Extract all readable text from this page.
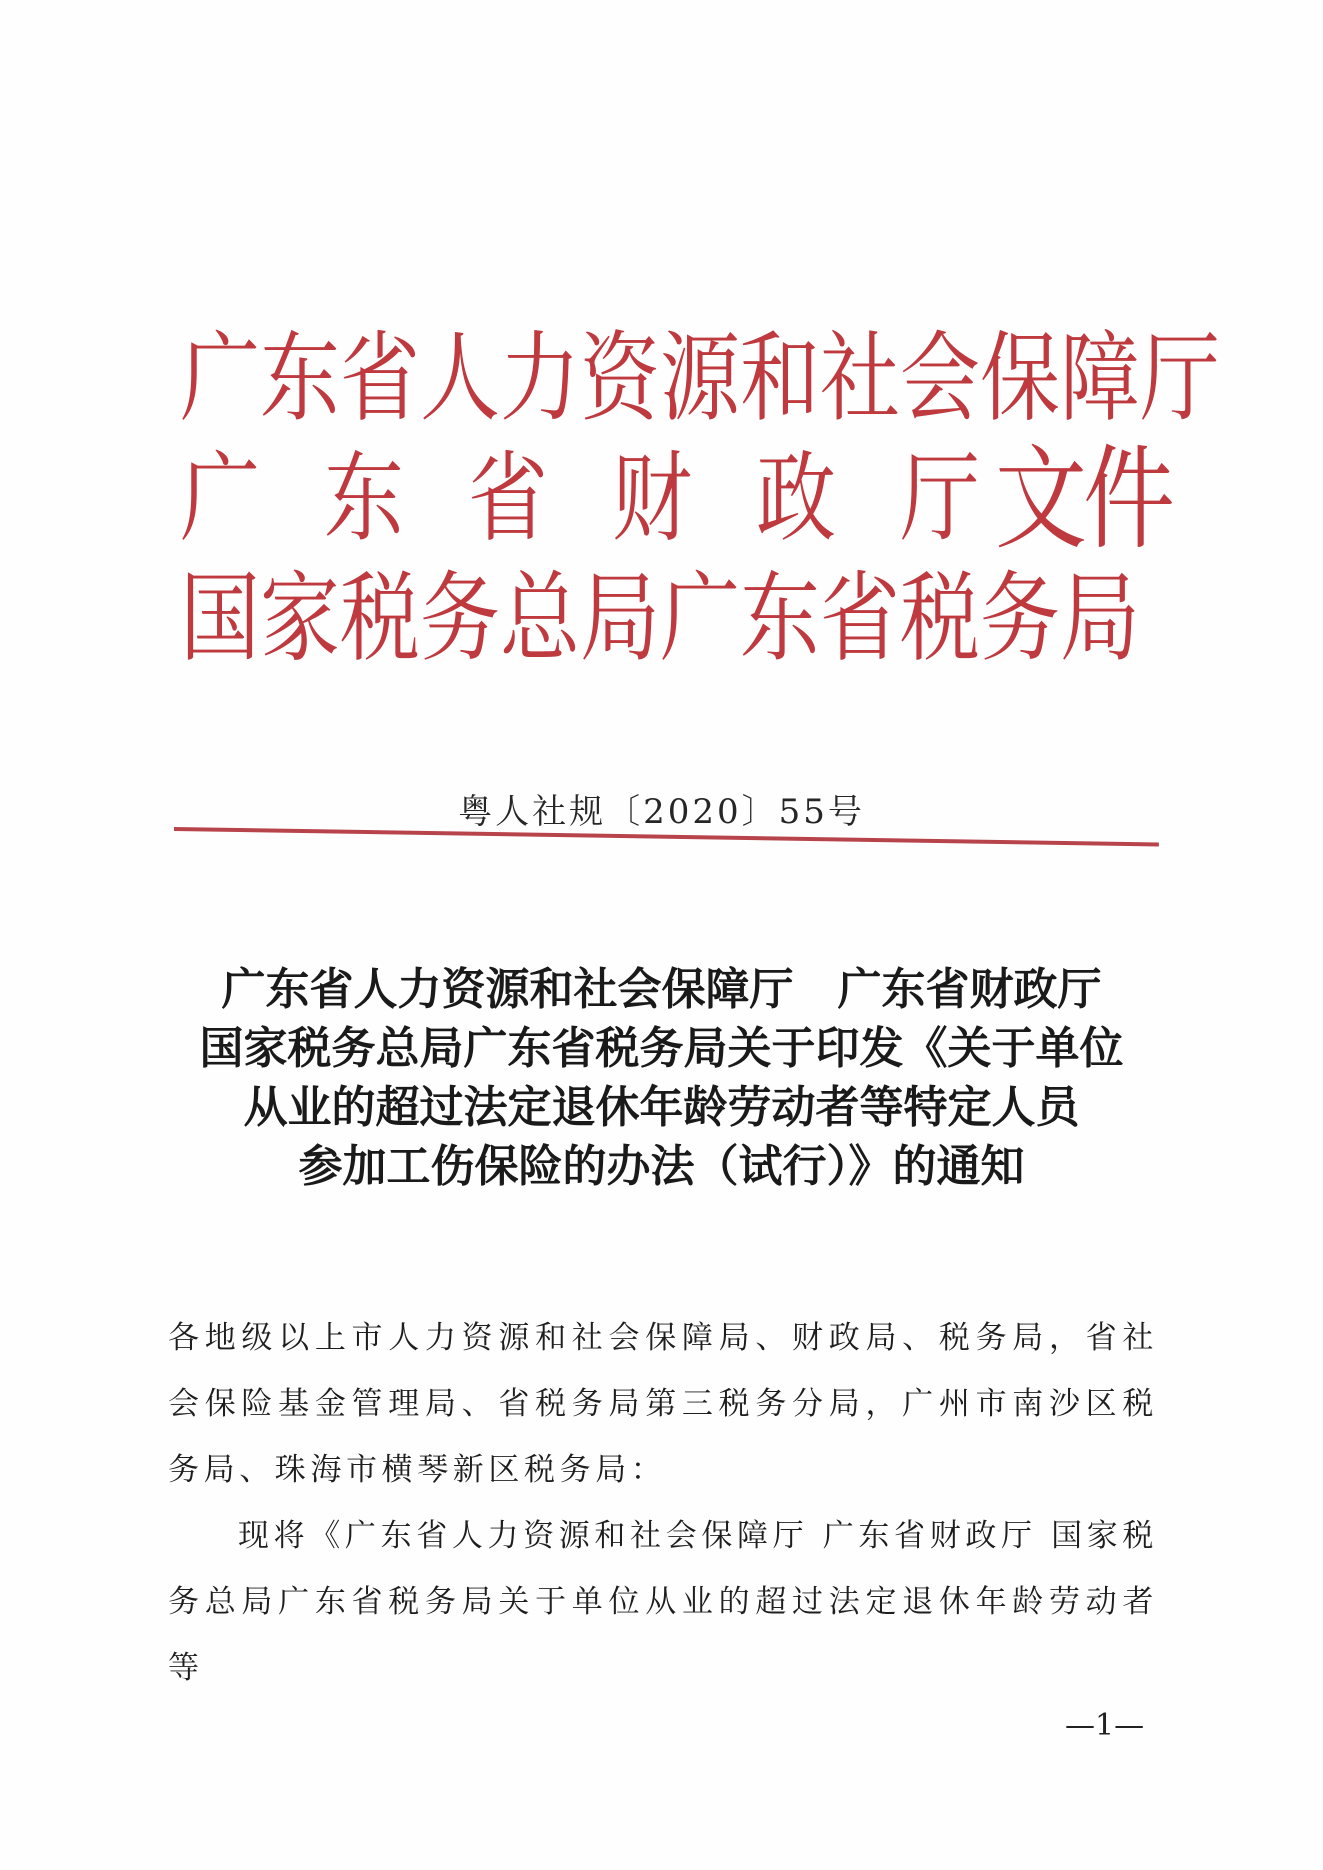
广东省人力资源和社会保障厅
广 东 省 财 政 厅 文件
国家税务总局广东省税务局
粤人社规〔2020〕55号
广东省人力资源和社会保障厅　广东省财政厅
国家税务总局广东省税务局关于印发《关于单位
从业的超过法定退休年龄劳动者等特定人员
参加工伤保险的办法（试行）》的通知

各地级以上市人力资源和社会保障局、财政局、税务局，省社会保险基金管理局、省税务局第三税务分局，广州市南沙区税务局、珠海市横琴新区税务局：

现将《广东省人力资源和社会保障厅 广东省财政厅 国家税务总局广东省税务局关于单位从业的超过法定退休年龄劳动者等

—1—
